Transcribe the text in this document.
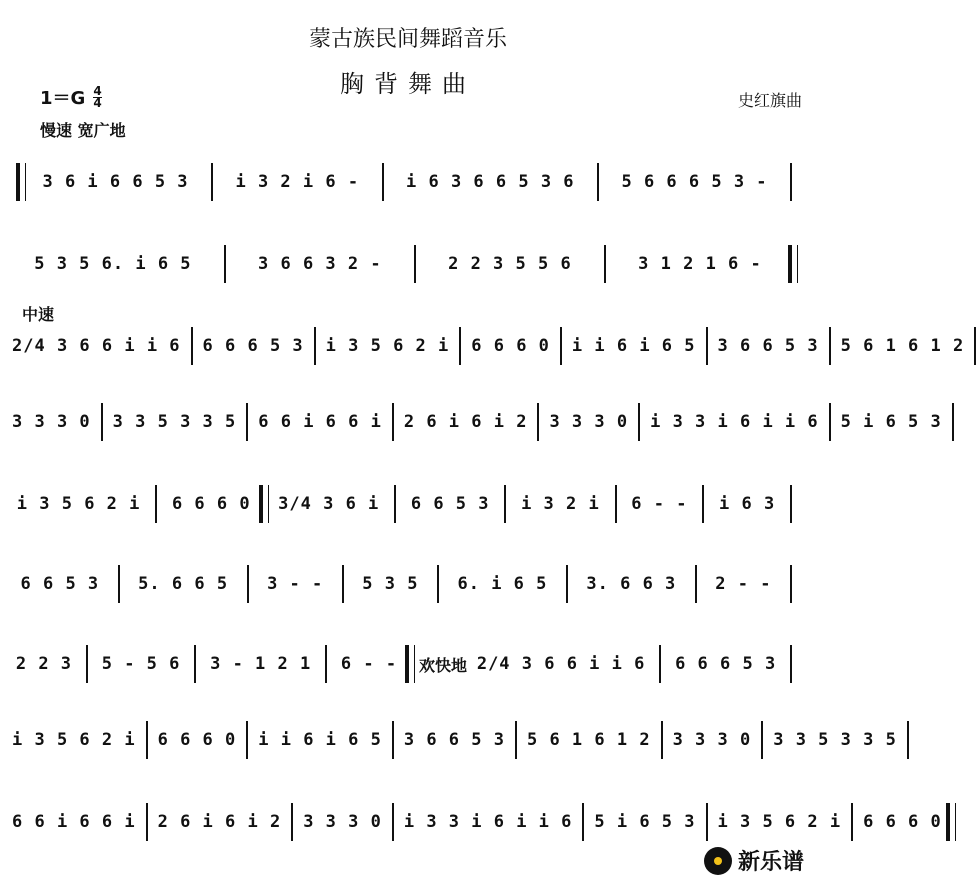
蒙古族民间舞蹈音乐
胸背舞曲
$1=G \frac{4}{4}$
慢速 宽广地
史红旗曲
3 6 i 6 6 5 3	i 3 2 i 6 -	i 6 3 6 6 5 3 6	5 6 6 6 5 3 -
5 3 5 6. i 6 5	3 6 6 3 2 -	2 2 3 5 5 6	3 1 2 1 6 -
中速
2/4 3 6 6 i i 6 6 6 6 5 3 i 3 5 6 2 i 6 6 6 0 i i 6 i 6 5 3 6 6 5 3 5 6 1 6 1 2
3 3 3 0 3 3 5 3 3 5 6 6 i 6 6 i 2 6 i 6 i 2 3 3 3 0 i 3 3 i 6 i i 6 5 i 6 5 3
i 3 5 6 2 i 6 6 6 0 3/4 3 6 i 6 6 5 3 i 3 2 i 6 - - i 6 3
6 6 5 3	5. 6 6 5	3 - -	5 3 5	6. i 6 5	3. 6 6 3	2 - -
2 2 3 5 - 5 6 3 - 1 2 1 6 - - 欢快地 2/4 3 6 6 i i 6 6 6 6 5 3
i 3 5 6 2 i 6 6 6 0 i i 6 i 6 5 3 6 6 5 3 5 6 1 6 1 2 3 3 3 0 3 3 5 3 3 5
6 6 i 6 6 i 2 6 i 6 i 2 3 3 3 0 i 3 3 i 6 i i 6 5 i 6 5 3 i 3 5 6 2 i 6 6 6 0
新乐谱
